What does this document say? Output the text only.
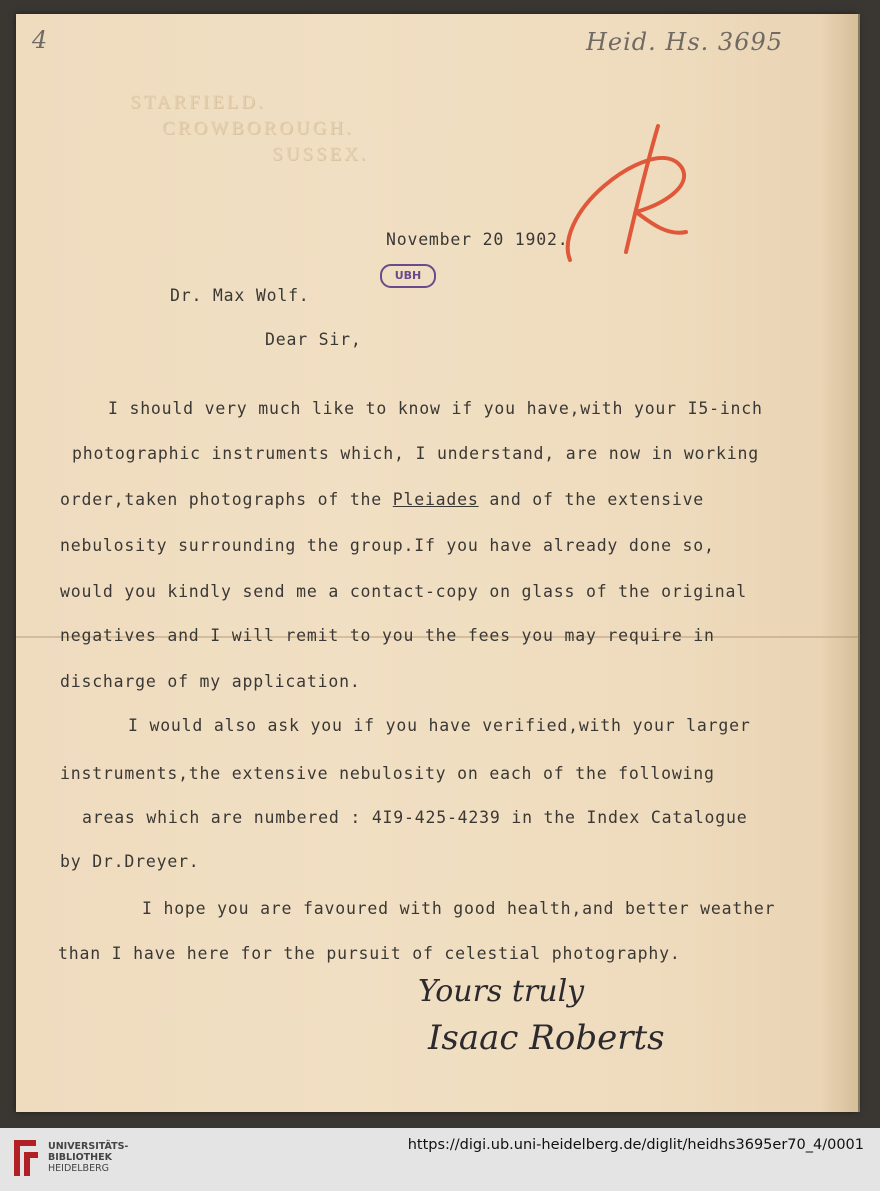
4	Heid. Hs. 3695
STARFIELD.
CROWBOROUGH.
SUSSEX.
November 20 1902.
UBH
Dr. Max Wolf.
Dear Sir,
I should very much like to know if you have,with your I5-inch
photographic instruments which, I understand, are now in working
order,taken photographs of the Pleiades and of the extensive
nebulosity surrounding the group.If you have already done so,
would you kindly send me a contact-copy on glass of the original
negatives and I will remit to you the fees you may require in
discharge of my application.
I would also ask you if you have verified,with your larger
instruments,the extensive nebulosity on each of the following
areas which are numbered : 4I9-425-4239 in the Index Catalogue
by Dr.Dreyer.
I hope you are favoured with good health,and better weather
than I have here for the pursuit of celestial photography.
Yours truly
Isaac Roberts
UNIVERSITÄTS-
BIBLIOTHEK
HEIDELBERG
https://digi.ub.uni-heidelberg.de/diglit/heidhs3695er70_4/0001
